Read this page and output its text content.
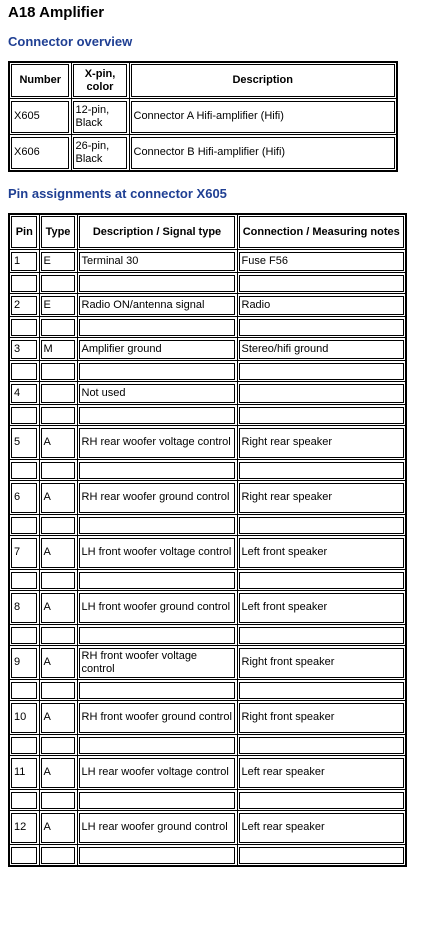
A18 Amplifier
Connector overview
Number	X-pin, color	Description
X605	12-pin, Black	Connector A Hifi-amplifier (Hifi)
X606	26-pin, Black	Connector B Hifi-amplifier (Hifi)
Pin assignments at connector X605
Pin	Type	Description / Signal type	Connection / Measuring notes
1	E	Terminal 30	Fuse F56

2	E	Radio ON/antenna signal	Radio

3	M	Amplifier ground	Stereo/hifi ground

4		Not used	

5	A	RH rear woofer voltage control	Right rear speaker

6	A	RH rear woofer ground control	Right rear speaker

7	A	LH front woofer voltage control	Left front speaker

8	A	LH front woofer ground control	Left front speaker

9	A	RH front woofer voltage control	Right front speaker

10	A	RH front woofer ground control	Right front speaker

11	A	LH rear woofer voltage control	Left rear speaker

12	A	LH rear woofer ground control	Left rear speaker
